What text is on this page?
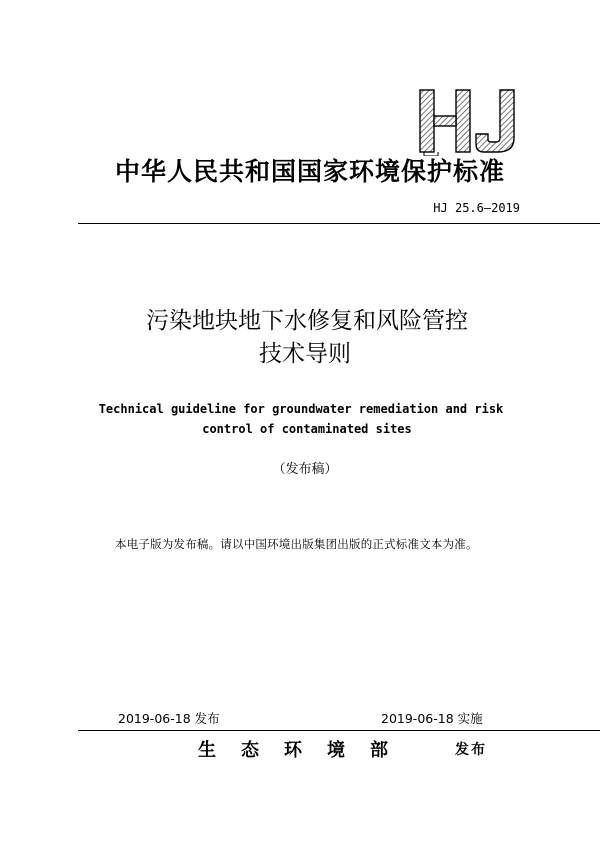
中华人民共和国国家环境保护标准
HJ 25.6—2019
污染地块地下水修复和风险管控
技术导则
Technical guideline for groundwater remediation and risk
control of contaminated sites
（发布稿）
本电子版为发布稿。请以中国环境出版集团出版的正式标准文本为准。
2019-06-18 发布	2019-06-18 实施
生态环境部	发布
